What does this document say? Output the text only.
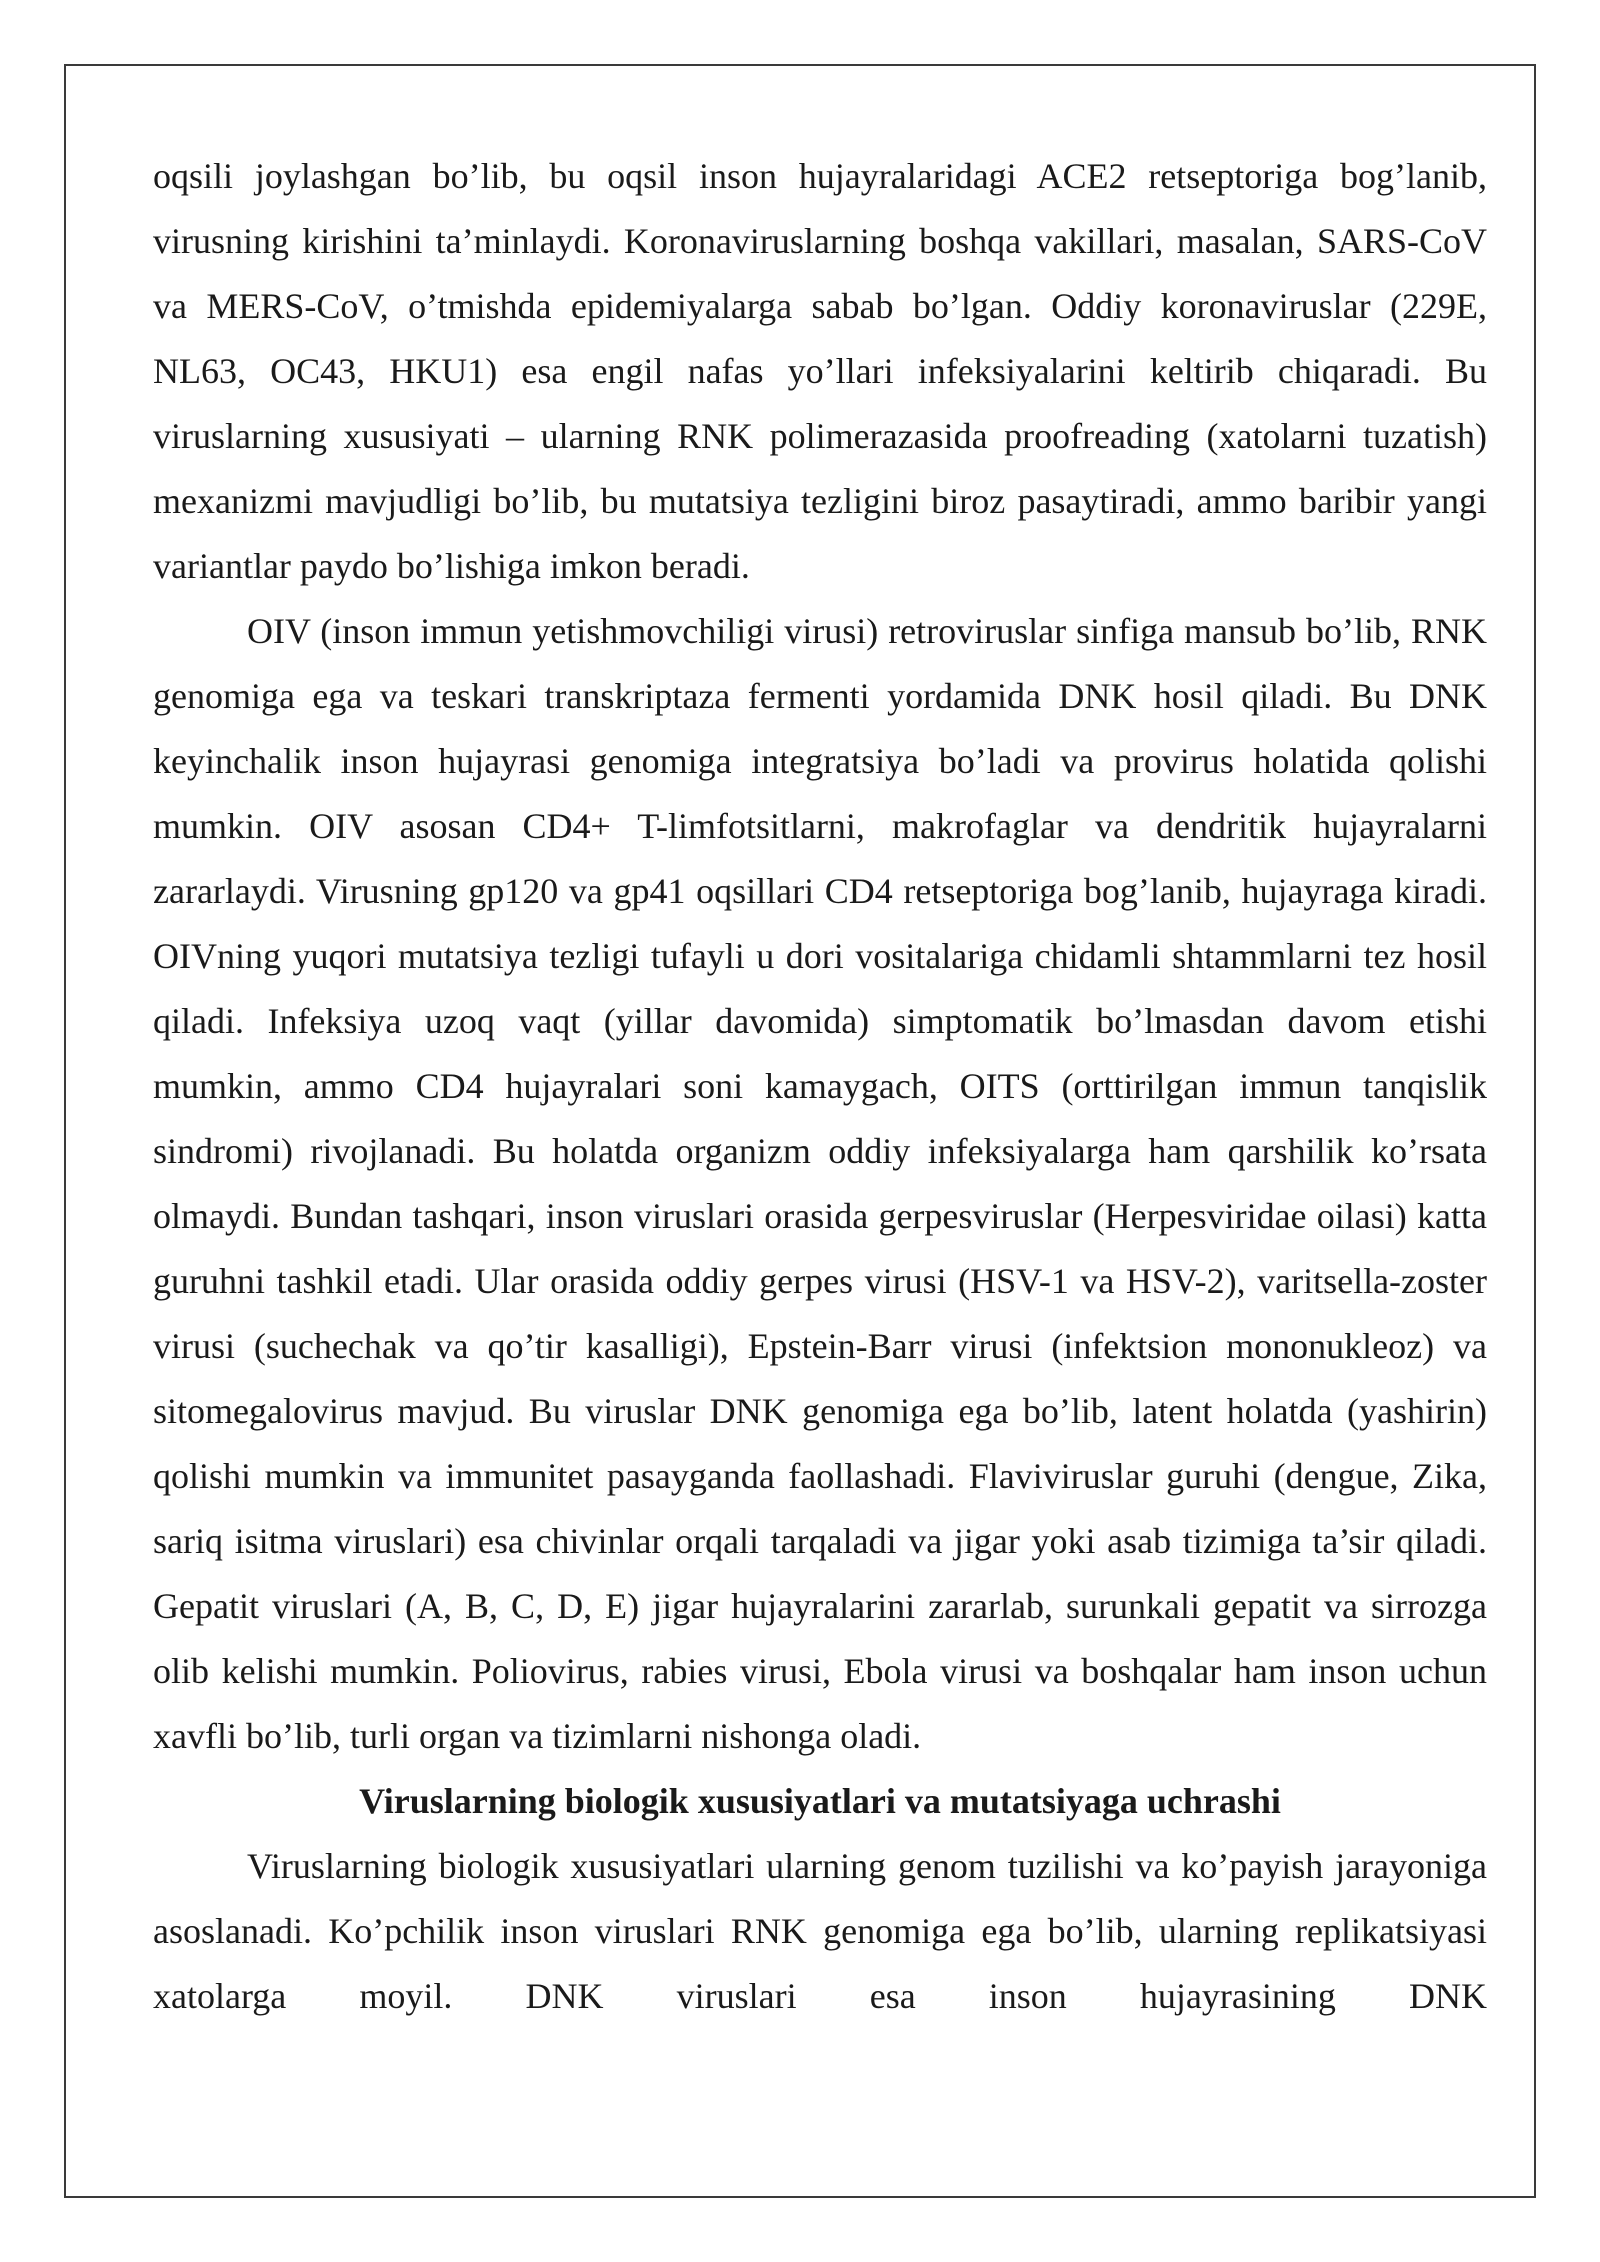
oqsili joylashgan bo’lib, bu oqsil inson hujayralaridagi ACE2 retseptoriga bog’lanib, virusning kirishini ta’minlaydi. Koronaviruslarning boshqa vakillari, masalan, SARS-CoV va MERS-CoV, o’tmishda epidemiyalarga sabab bo’lgan. Oddiy koronaviruslar (229E, NL63, OC43, HKU1) esa engil nafas yo’llari infeksiyalarini keltirib chiqaradi. Bu viruslarning xususiyati – ularning RNK polimerazasida proofreading (xatolarni tuzatish) mexanizmi mavjudligi bo’lib, bu mutatsiya tezligini biroz pasaytiradi, ammo baribir yangi variantlar paydo bo’lishiga imkon beradi.

OIV (inson immun yetishmovchiligi virusi) retroviruslar sinfiga mansub bo’lib, RNK genomiga ega va teskari transkriptaza fermenti yordamida DNK hosil qiladi. Bu DNK keyinchalik inson hujayrasi genomiga integratsiya bo’ladi va provirus holatida qolishi mumkin. OIV asosan CD4+ T-limfotsitlarni, makrofaglar va dendritik hujayralarni zararlaydi. Virusning gp120 va gp41 oqsillari CD4 retseptoriga bog’lanib, hujayraga kiradi. OIVning yuqori mutatsiya tezligi tufayli u dori vositalariga chidamli shtammlarni tez hosil qiladi. Infeksiya uzoq vaqt (yillar davomida) simptomatik bo’lmasdan davom etishi mumkin, ammo CD4 hujayralari soni kamaygach, OITS (orttirilgan immun tanqislik sindromi) rivojlanadi. Bu holatda organizm oddiy infeksiyalarga ham qarshilik ko’rsata olmaydi. Bundan tashqari, inson viruslari orasida gerpesviruslar (Herpesviridae oilasi) katta guruhni tashkil etadi. Ular orasida oddiy gerpes virusi (HSV-1 va HSV-2), varitsella-zoster virusi (suchechak va qo’tir kasalligi), Epstein-Barr virusi (infektsion mononukleoz) va sitomegalovirus mavjud. Bu viruslar DNK genomiga ega bo’lib, latent holatda (yashirin) qolishi mumkin va immunitet pasayganda faollashadi. Flaviviruslar guruhi (dengue, Zika, sariq isitma viruslari) esa chivinlar orqali tarqaladi va jigar yoki asab tizimiga ta’sir qiladi. Gepatit viruslari (A, B, C, D, E) jigar hujayralarini zararlab, surunkali gepatit va sirrozga olib kelishi mumkin. Poliovirus, rabies virusi, Ebola virusi va boshqalar ham inson uchun xavfli bo’lib, turli organ va tizimlarni nishonga oladi.

Viruslarning biologik xususiyatlari va mutatsiyaga uchrashi

Viruslarning biologik xususiyatlari ularning genom tuzilishi va ko’payish jarayoniga asoslanadi. Ko’pchilik inson viruslari RNK genomiga ega bo’lib, ularning replikatsiyasi xatolarga moyil. DNK viruslari esa inson hujayrasining DNK
